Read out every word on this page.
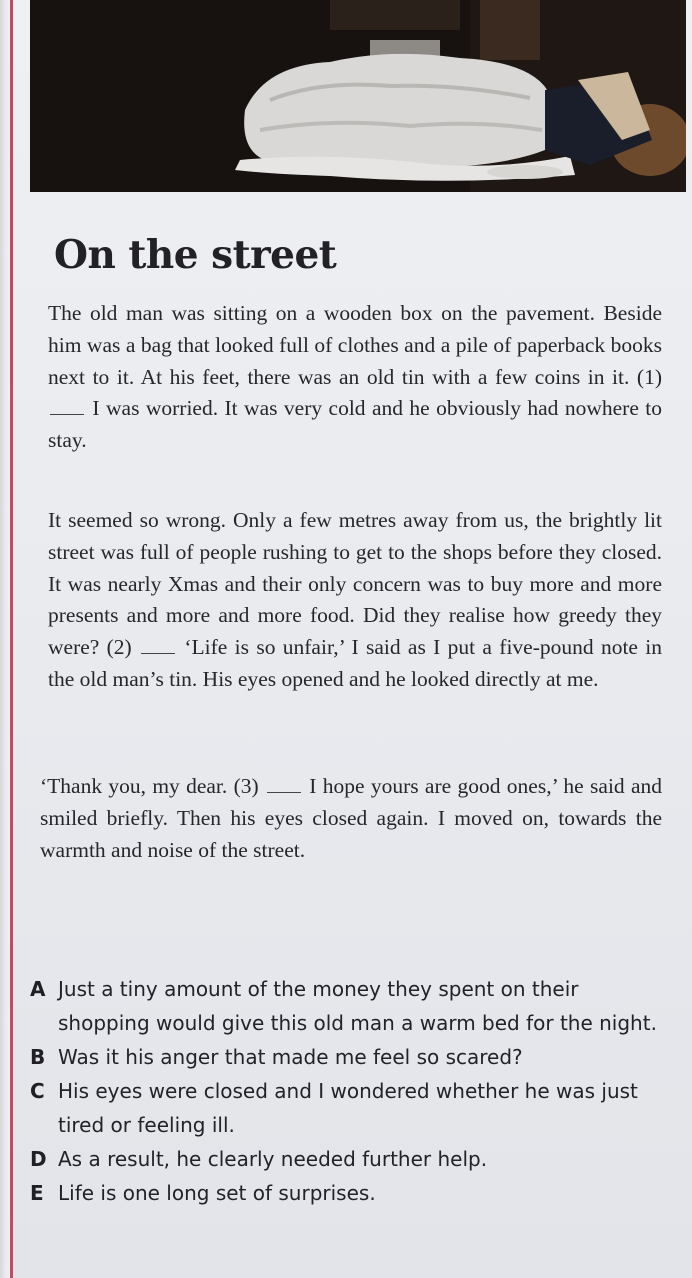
On the street

The old man was sitting on a wooden box on the pavement. Beside him was a bag that looked full of clothes and a pile of paperback books next to it. At his feet, there was an old tin with a few coins in it. (1)  I was worried. It was very cold and he obviously had nowhere to stay.

It seemed so wrong. Only a few metres away from us, the brightly lit street was full of people rushing to get to the shops before they closed. It was nearly Xmas and their only concern was to buy more and more presents and more and more food. Did they realise how greedy they were? (2) ‘Life is so unfair,’ I said as I put a five-pound note in the old man’s tin. His eyes opened and he looked directly at me.

‘Thank you, my dear. (3) I hope yours are good ones,’ he said and smiled briefly. Then his eyes closed again. I moved on, towards the warmth and noise of the street.

A Just a tiny amount of the money they spent on their shopping would give this old man a warm bed for the night.
B Was it his anger that made me feel so scared?
C His eyes were closed and I wondered whether he was just tired or feeling ill.
D As a result, he clearly needed further help.
E Life is one long set of surprises.
